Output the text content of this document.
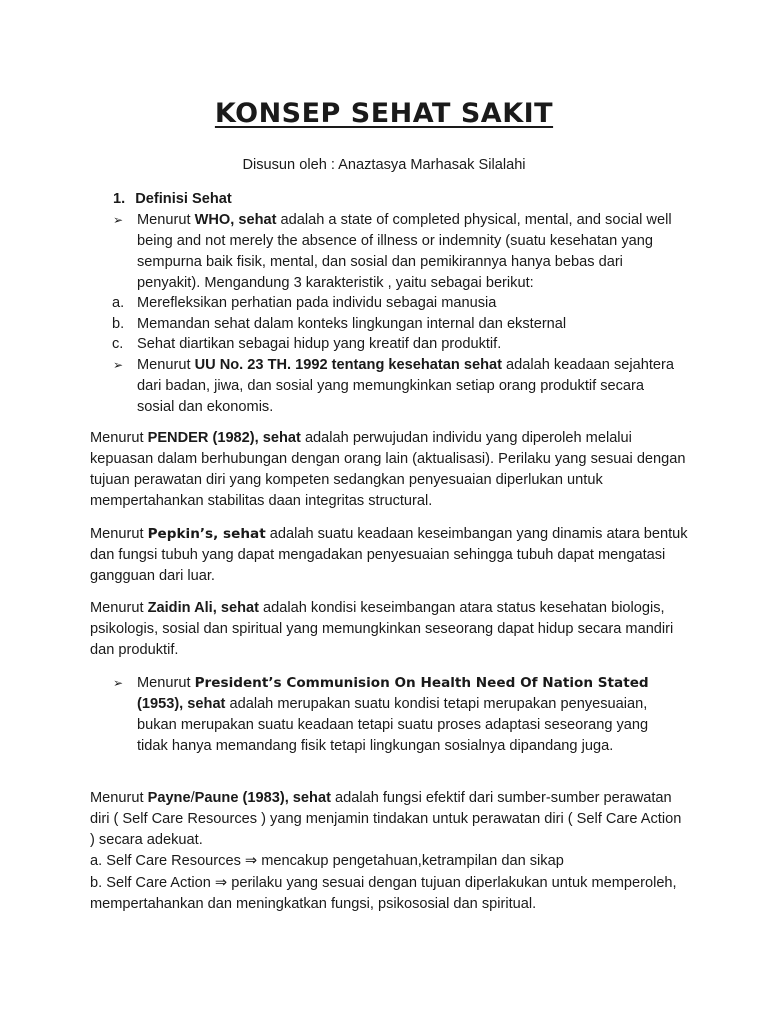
KONSEP SEHAT SAKIT
Disusun oleh : Anaztasya Marhasak Silalahi
1. Definisi Sehat
➢ Menurut WHO, sehat adalah a state of completed physical, mental, and social well being and not merely the absence of illness or indemnity (suatu kesehatan yang sempurna baik fisik, mental, dan sosial dan pemikirannya hanya bebas dari penyakit). Mengandung 3 karakteristik , yaitu sebagai berikut:
a. Merefleksikan perhatian pada individu sebagai manusia
b. Memandan sehat dalam konteks lingkungan internal dan eksternal
c. Sehat diartikan sebagai hidup yang kreatif dan produktif.
➢ Menurut UU No. 23 TH. 1992 tentang kesehatan sehat adalah keadaan sejahtera dari badan, jiwa, dan sosial yang memungkinkan setiap orang produktif secara sosial dan ekonomis.
Menurut PENDER (1982), sehat adalah perwujudan individu yang diperoleh melalui kepuasan dalam berhubungan dengan orang lain (aktualisasi). Perilaku yang sesuai dengan tujuan perawatan diri yang kompeten sedangkan penyesuaian diperlukan untuk mempertahankan stabilitas daan integritas structural.
Menurut Pepkin’s, sehat adalah suatu keadaan keseimbangan yang dinamis atara bentuk dan fungsi tubuh yang dapat mengadakan penyesuaian sehingga tubuh dapat mengatasi gangguan dari luar.
Menurut Zaidin Ali, sehat adalah kondisi keseimbangan atara status kesehatan biologis, psikologis, sosial dan spiritual yang memungkinkan seseorang dapat hidup secara mandiri dan produktif.
➢ Menurut President’s Communision On Health Need Of Nation Stated (1953), sehat adalah merupakan suatu kondisi tetapi merupakan penyesuaian, bukan merupakan suatu keadaan tetapi suatu proses adaptasi seseorang yang tidak hanya memandang fisik tetapi lingkungan sosialnya dipandang juga.
Menurut Payne/Paune (1983), sehat adalah fungsi efektif dari sumber-sumber perawatan diri ( Self Care Resources ) yang menjamin tindakan untuk perawatan diri ( Self Care Action ) secara adekuat.
a. Self Care Resources ⇒ mencakup pengetahuan,ketrampilan dan sikap
b. Self Care Action ⇒ perilaku yang sesuai dengan tujuan diperlakukan untuk memperoleh, mempertahankan dan meningkatkan fungsi, psikososial dan spiritual.
